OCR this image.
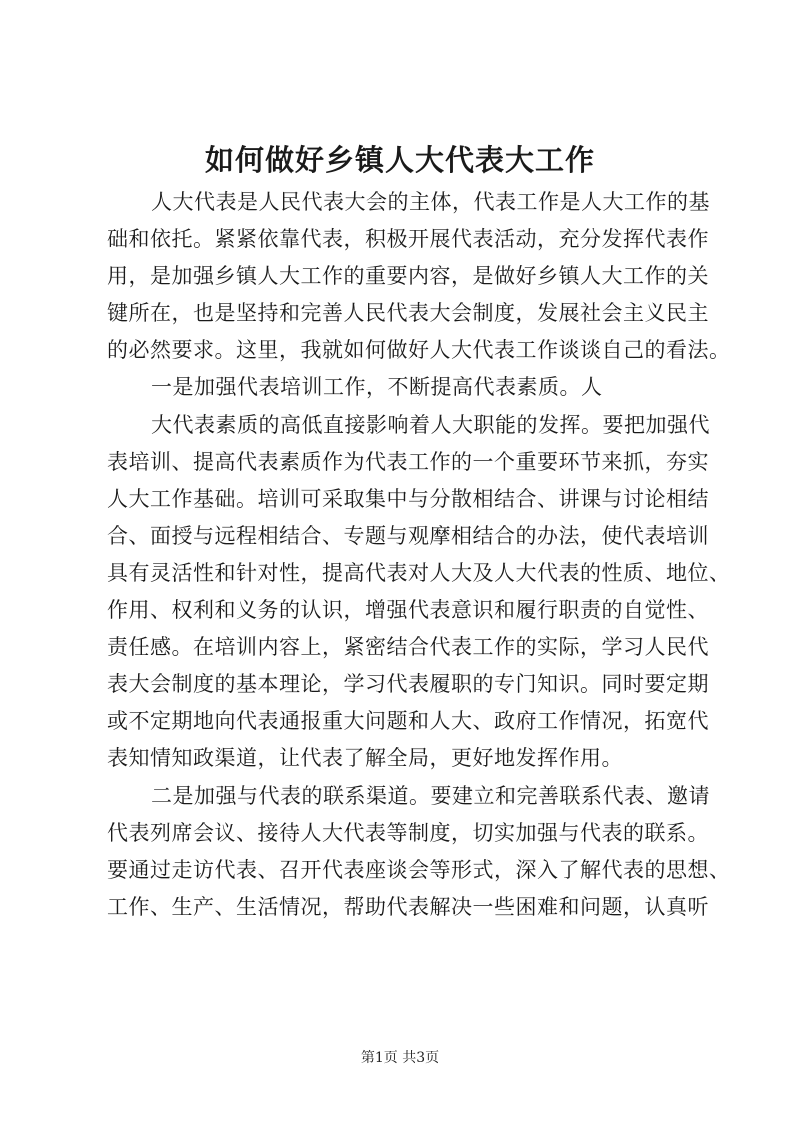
如何做好乡镇人大代表大工作
人大代表是人民代表大会的主体，代表工作是人大工作的基
础和依托。紧紧依靠代表，积极开展代表活动，充分发挥代表作
用，是加强乡镇人大工作的重要内容，是做好乡镇人大工作的关
键所在，也是坚持和完善人民代表大会制度，发展社会主义民主
的必然要求。这里，我就如何做好人大代表工作谈谈自己的看法。
一是加强代表培训工作，不断提高代表素质。人
大代表素质的高低直接影响着人大职能的发挥。要把加强代
表培训、提高代表素质作为代表工作的一个重要环节来抓，夯实
人大工作基础。培训可采取集中与分散相结合、讲课与讨论相结
合、面授与远程相结合、专题与观摩相结合的办法，使代表培训
具有灵活性和针对性，提高代表对人大及人大代表的性质、地位、
作用、权利和义务的认识，增强代表意识和履行职责的自觉性、
责任感。在培训内容上，紧密结合代表工作的实际，学习人民代
表大会制度的基本理论，学习代表履职的专门知识。同时要定期
或不定期地向代表通报重大问题和人大、政府工作情况，拓宽代
表知情知政渠道，让代表了解全局，更好地发挥作用。
二是加强与代表的联系渠道。要建立和完善联系代表、邀请
代表列席会议、接待人大代表等制度，切实加强与代表的联系。
要通过走访代表、召开代表座谈会等形式，深入了解代表的思想、
工作、生产、生活情况，帮助代表解决一些困难和问题，认真听
第1页 共3页
